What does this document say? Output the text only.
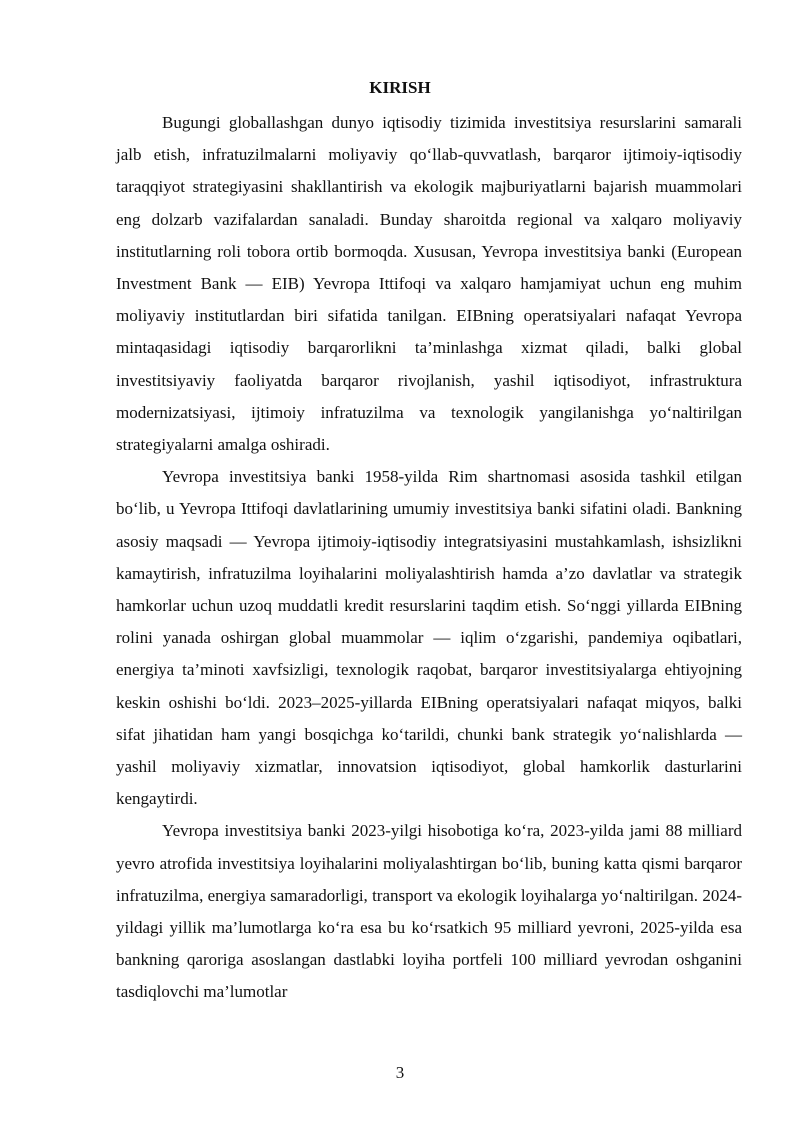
KIRISH

Bugungi globallashgan dunyo iqtisodiy tizimida investitsiya resurslarini samarali jalb etish, infratuzilmalarni moliyaviy qo‘llab-quvvatlash, barqaror ijtimoiy-iqtisodiy taraqqiyot strategiyasini shakllantirish va ekologik majburiyatlarni bajarish muammolari eng dolzarb vazifalardan sanaladi. Bunday sharoitda regional va xalqaro moliyaviy institutlarning roli tobora ortib bormoqda. Xususan, Yevropa investitsiya banki (European Investment Bank — EIB) Yevropa Ittifoqi va xalqaro hamjamiyat uchun eng muhim moliyaviy institutlardan biri sifatida tanilgan. EIBning operatsiyalari nafaqat Yevropa mintaqasidagi iqtisodiy barqarorlikni ta’minlashga xizmat qiladi, balki global investitsiyaviy faoliyatda barqaror rivojlanish, yashil iqtisodiyot, infrastruktura modernizatsiyasi, ijtimoiy infratuzilma va texnologik yangilanishga yo‘naltirilgan strategiyalarni amalga oshiradi.

Yevropa investitsiya banki 1958-yilda Rim shartnomasi asosida tashkil etilgan bo‘lib, u Yevropa Ittifoqi davlatlarining umumiy investitsiya banki sifatini oladi. Bankning asosiy maqsadi — Yevropa ijtimoiy-iqtisodiy integratsiyasini mustahkamlash, ishsizlikni kamaytirish, infratuzilma loyihalarini moliyalashtirish hamda a’zo davlatlar va strategik hamkorlar uchun uzoq muddatli kredit resurslarini taqdim etish. So‘nggi yillarda EIBning rolini yanada oshirgan global muammolar — iqlim o‘zgarishi, pandemiya oqibatlari, energiya ta’minoti xavfsizligi, texnologik raqobat, barqaror investitsiyalarga ehtiyojning keskin oshishi bo‘ldi. 2023–2025-yillarda EIBning operatsiyalari nafaqat miqyos, balki sifat jihatidan ham yangi bosqichga ko‘tarildi, chunki bank strategik yo‘nalishlarda — yashil moliyaviy xizmatlar, innovatsion iqtisodiyot, global hamkorlik dasturlarini kengaytirdi.

Yevropa investitsiya banki 2023-yilgi hisobotiga ko‘ra, 2023-yilda jami 88 milliard yevro atrofida investitsiya loyihalarini moliyalashtirgan bo‘lib, buning katta qismi barqaror infratuzilma, energiya samaradorligi, transport va ekologik loyihalarga yo‘naltirilgan. 2024-yildagi yillik ma’lumotlarga ko‘ra esa bu ko‘rsatkich 95 milliard yevroni, 2025-yilda esa bankning qaroriga asoslangan dastlabki loyiha portfeli 100 milliard yevrodan oshganini tasdiqlovchi ma’lumotlar

3
